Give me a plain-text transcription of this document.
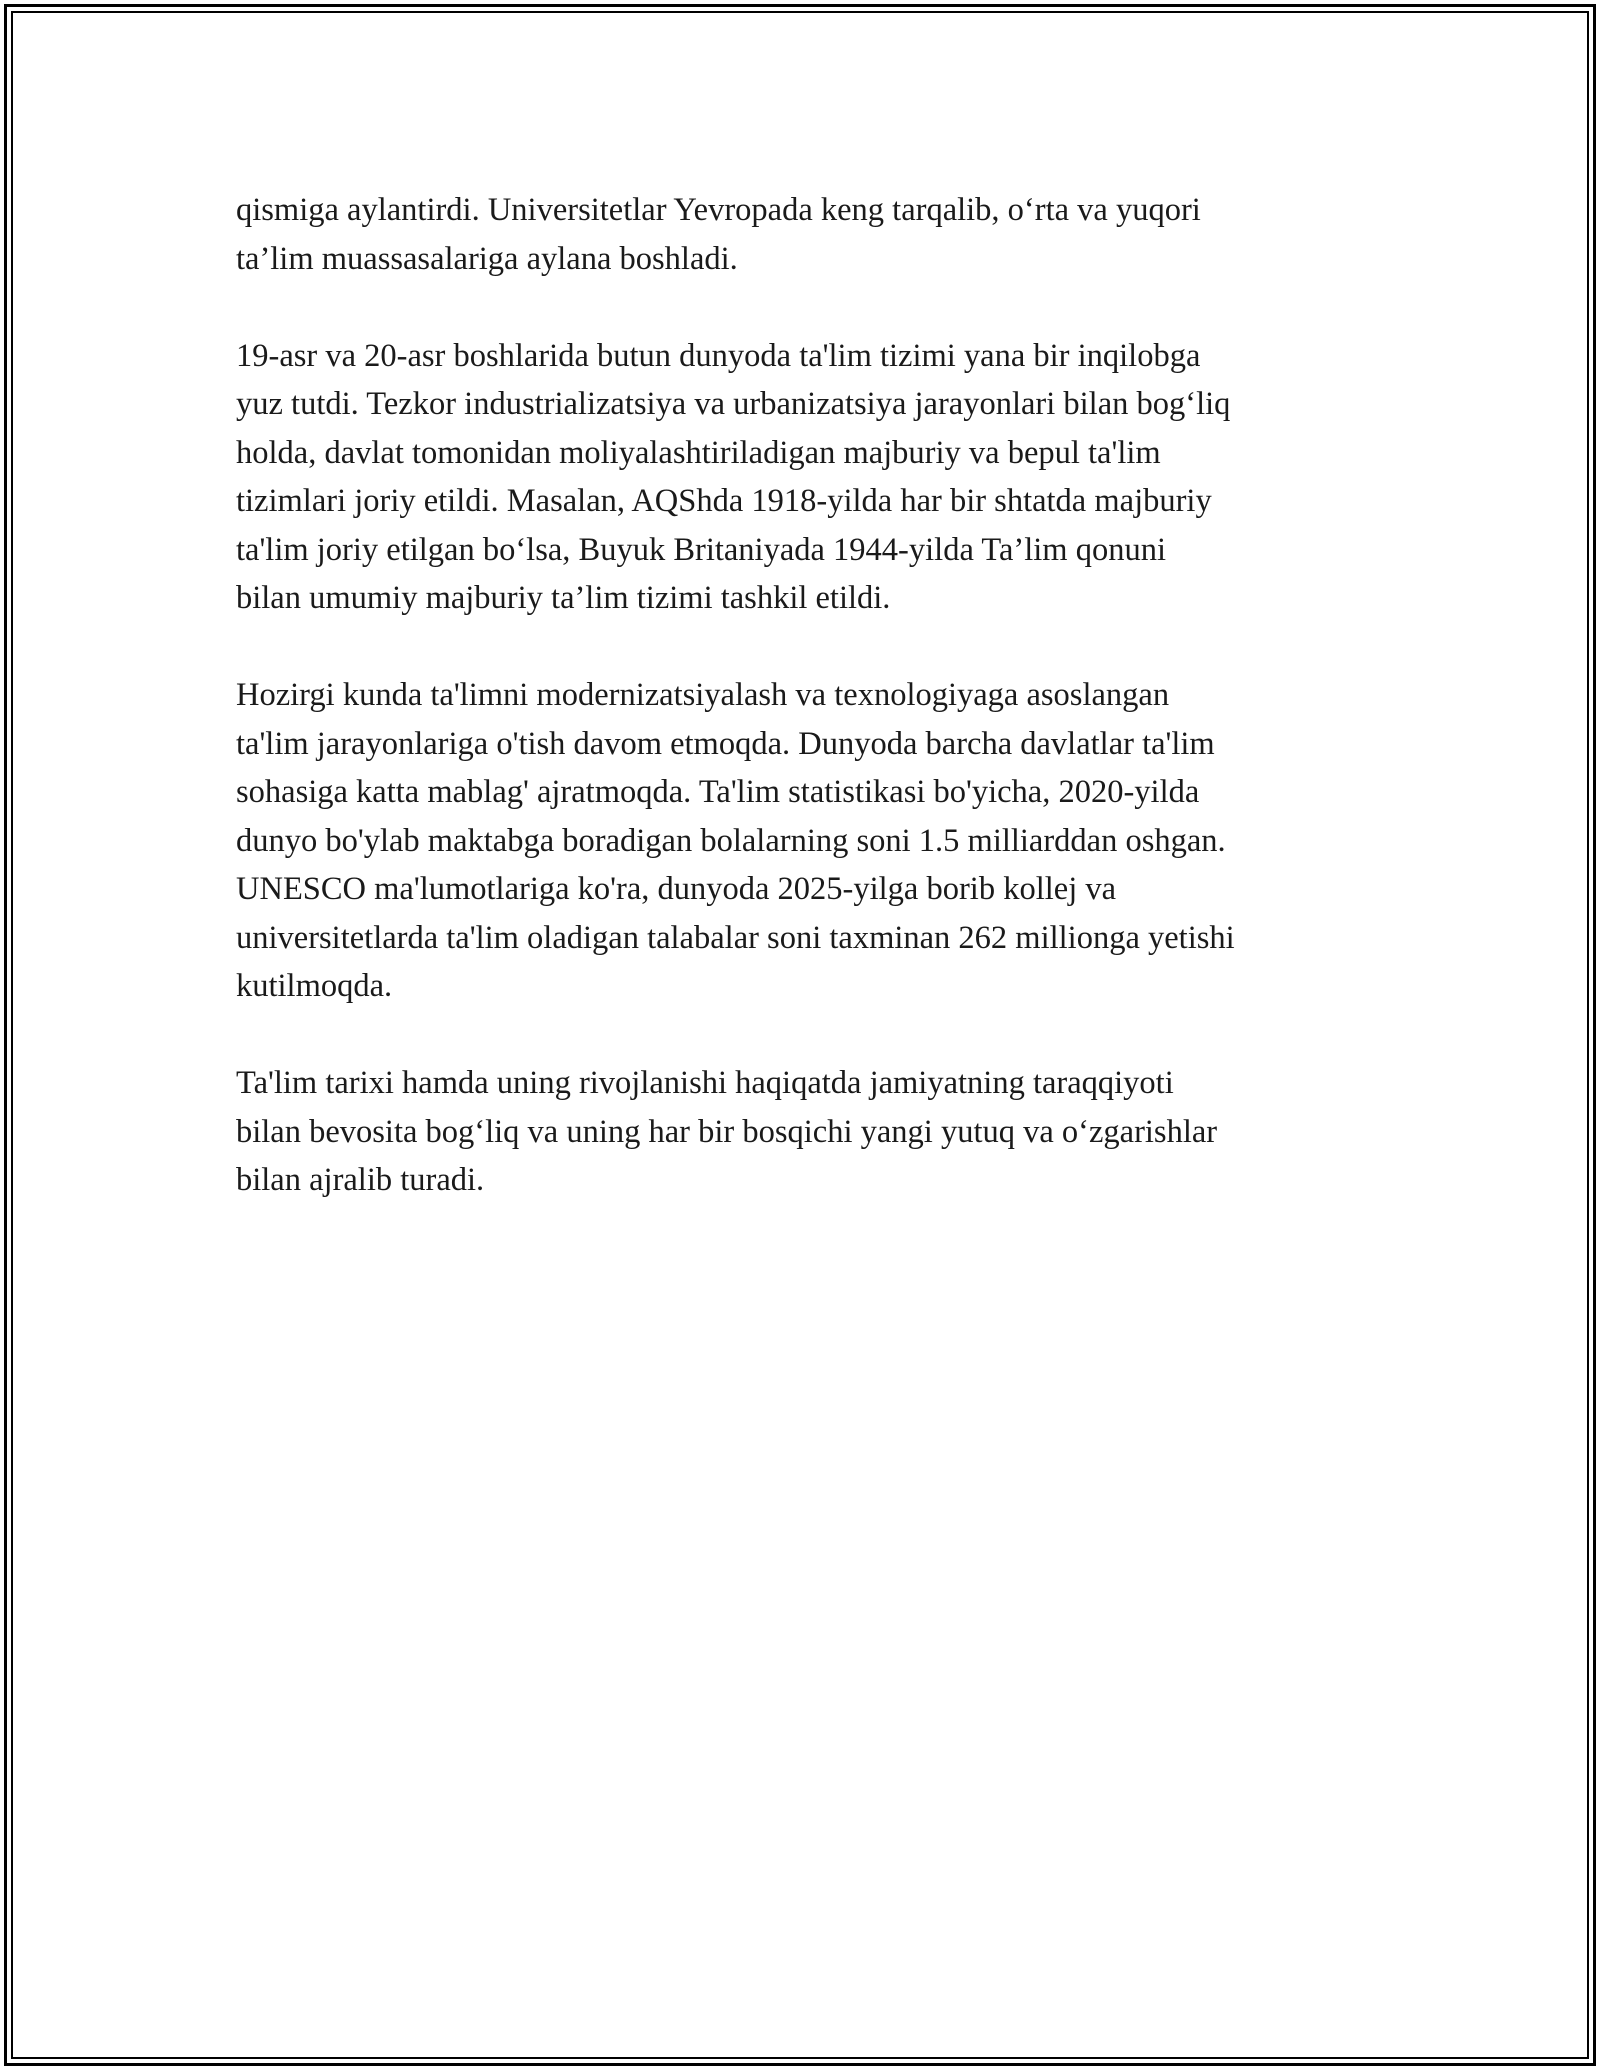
qismiga aylantirdi. Universitetlar Yevropada keng tarqalib, o‘rta va yuqori
ta’lim muassasalariga aylana boshladi.

19-asr va 20-asr boshlarida butun dunyoda ta'lim tizimi yana bir inqilobga
yuz tutdi. Tezkor industrializatsiya va urbanizatsiya jarayonlari bilan bog‘liq
holda, davlat tomonidan moliyalashtiriladigan majburiy va bepul ta'lim
tizimlari joriy etildi. Masalan, AQShda 1918-yilda har bir shtatda majburiy
ta'lim joriy etilgan bo‘lsa, Buyuk Britaniyada 1944-yilda Ta’lim qonuni
bilan umumiy majburiy ta’lim tizimi tashkil etildi.

Hozirgi kunda ta'limni modernizatsiyalash va texnologiyaga asoslangan
ta'lim jarayonlariga o'tish davom etmoqda. Dunyoda barcha davlatlar ta'lim
sohasiga katta mablag' ajratmoqda. Ta'lim statistikasi bo'yicha, 2020-yilda
dunyo bo'ylab maktabga boradigan bolalarning soni 1.5 milliarddan oshgan.
UNESCO ma'lumotlariga ko'ra, dunyoda 2025-yilga borib kollej va
universitetlarda ta'lim oladigan talabalar soni taxminan 262 millionga yetishi
kutilmoqda.

Ta'lim tarixi hamda uning rivojlanishi haqiqatda jamiyatning taraqqiyoti
bilan bevosita bog‘liq va uning har bir bosqichi yangi yutuq va o‘zgarishlar
bilan ajralib turadi.
